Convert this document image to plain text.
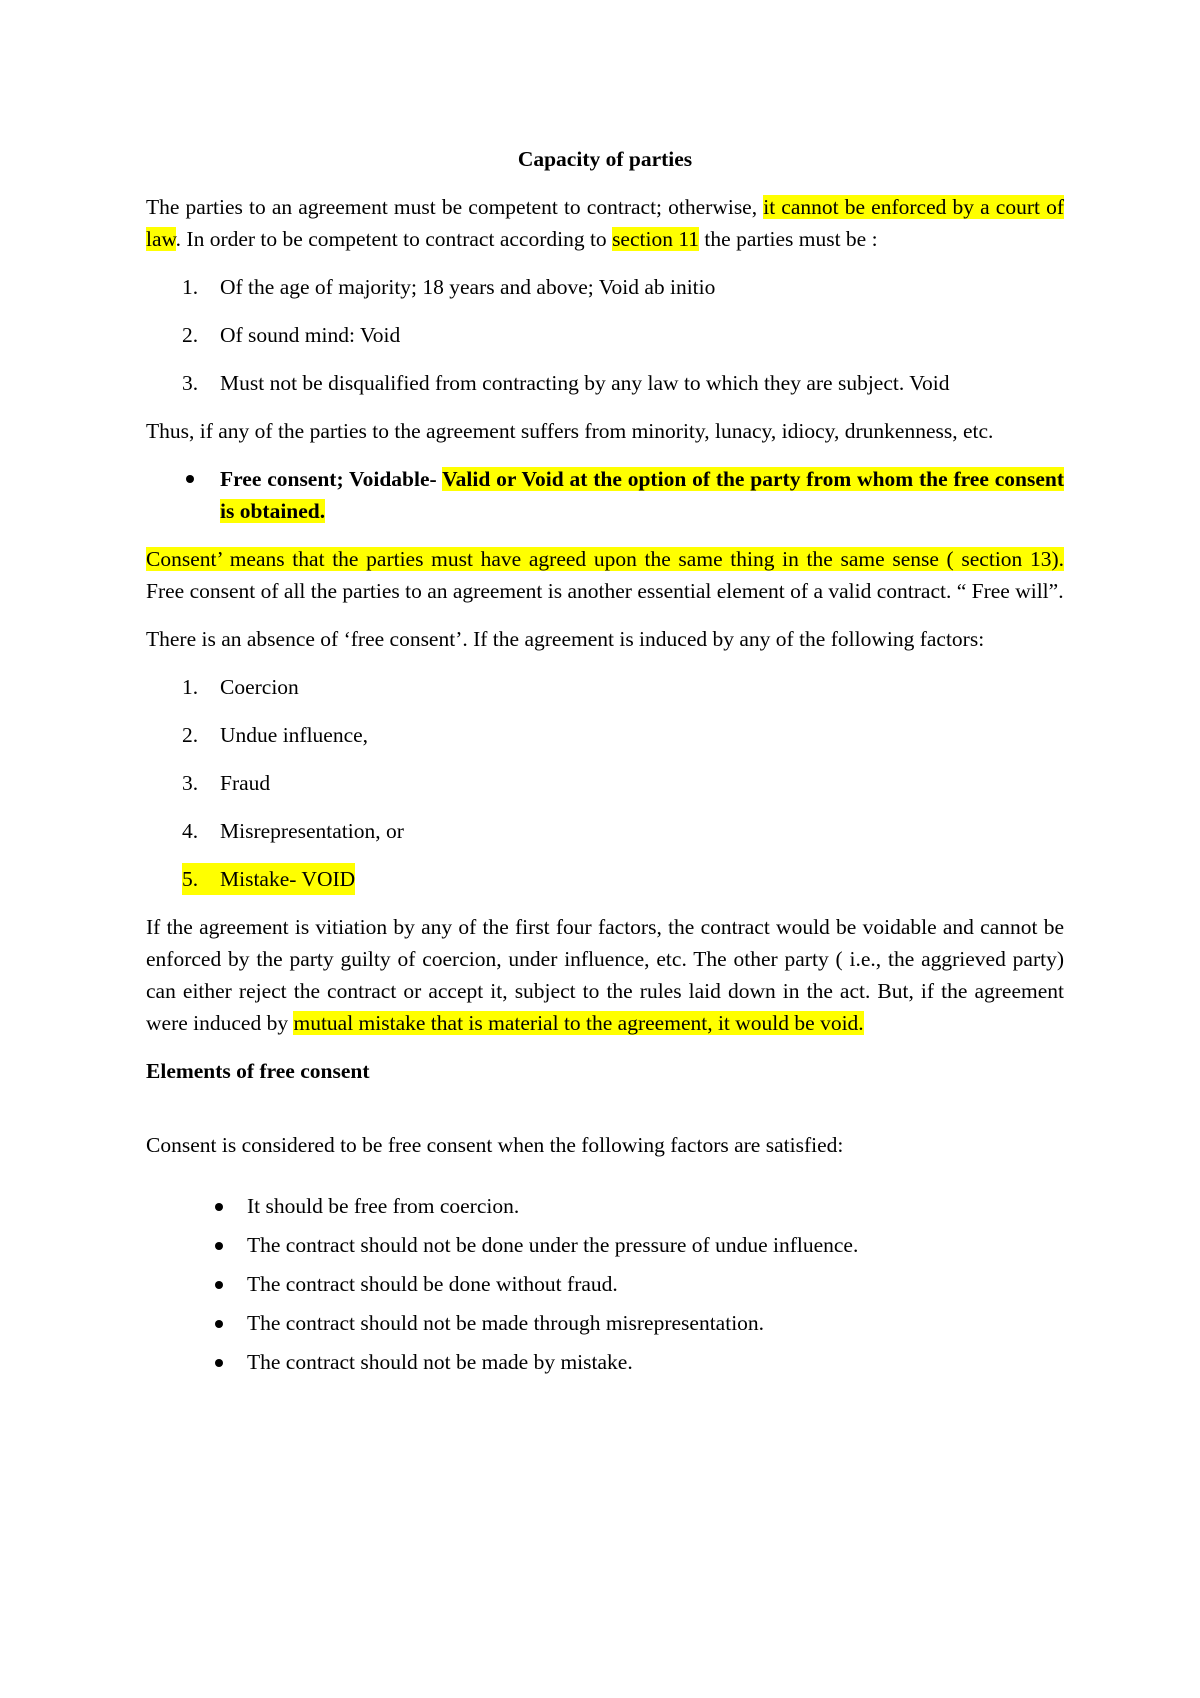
Capacity of parties

The parties to an agreement must be competent to contract; otherwise, it cannot be enforced by a court of law. In order to be competent to contract according to section 11 the parties must be :

1.	Of the age of majority; 18 years and above; Void ab initio
2.	Of sound mind: Void
3.	Must not be disqualified from contracting by any law to which they are subject. Void

Thus, if any of the parties to the agreement suffers from minority, lunacy, idiocy, drunkenness, etc.

Free consent; Voidable- Valid or Void at the option of the party from whom the free consent is obtained.

Consent’ means that the parties must have agreed upon the same thing in the same sense ( section 13). Free consent of all the parties to an agreement is another essential element of a valid contract. “ Free will”.

There is an absence of ‘free consent’. If the agreement is induced by any of the following factors:

1.	Coercion
2.	Undue influence,
3.	Fraud
4.	Misrepresentation, or
5. Mistake- VOID

If the agreement is vitiation by any of the first four factors, the contract would be voidable and cannot be enforced by the party guilty of coercion, under influence, etc. The other party ( i.e., the aggrieved party) can either reject the contract or accept it, subject to the rules laid down in the act. But, if the agreement were induced by mutual mistake that is material to the agreement, it would be void.

Elements of free consent

Consent is considered to be free consent when the following factors are satisfied:

It should be free from coercion.
The contract should not be done under the pressure of undue influence.
The contract should be done without fraud.
The contract should not be made through misrepresentation.
The contract should not be made by mistake.
